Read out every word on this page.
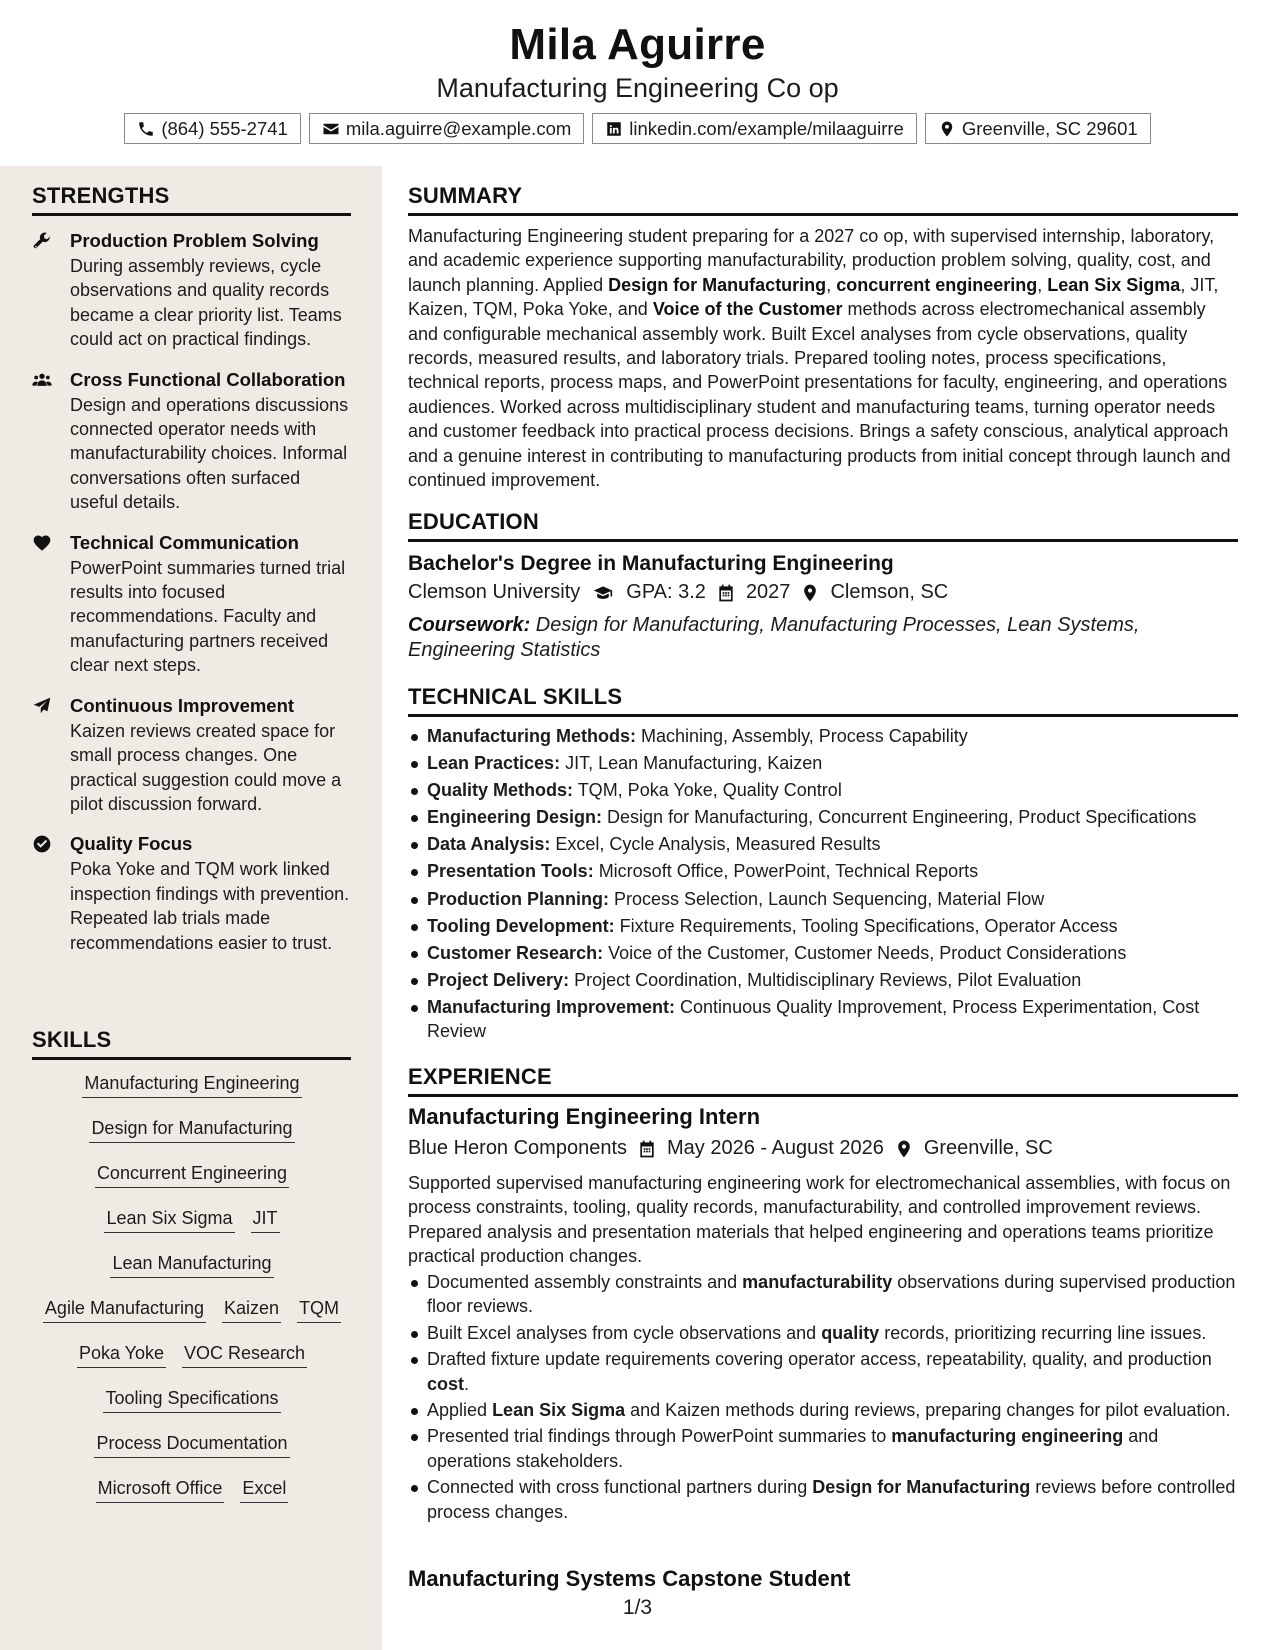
Mila Aguirre
Manufacturing Engineering Co op
(864) 555-2741	mila.aguirre@example.com	linkedin.com/example/milaaguirre	Greenville, SC 29601
STRENGTHS
Production Problem Solving
During assembly reviews, cycle observations and quality records became a clear priority list. Teams could act on practical findings.
Cross Functional Collaboration
Design and operations discussions connected operator needs with manufacturability choices. Informal conversations often surfaced useful details.
Technical Communication
PowerPoint summaries turned trial results into focused recommendations. Faculty and manufacturing partners received clear next steps.
Continuous Improvement
Kaizen reviews created space for small process changes. One practical suggestion could move a pilot discussion forward.
Quality Focus
Poka Yoke and TQM work linked inspection findings with prevention. Repeated lab trials made recommendations easier to trust.
SKILLS
Manufacturing Engineering
Design for Manufacturing
Concurrent Engineering
Lean Six Sigma JIT
Lean Manufacturing
Agile Manufacturing Kaizen TQM
Poka Yoke VOC Research
Tooling Specifications
Process Documentation
Microsoft Office Excel
SUMMARY
Manufacturing Engineering student preparing for a 2027 co op, with supervised internship, laboratory, and academic experience supporting manufacturability, production problem solving, quality, cost, and launch planning. Applied Design for Manufacturing, concurrent engineering, Lean Six Sigma, JIT, Kaizen, TQM, Poka Yoke, and Voice of the Customer methods across electromechanical assembly and configurable mechanical assembly work. Built Excel analyses from cycle observations, quality records, measured results, and laboratory trials. Prepared tooling notes, process specifications, technical reports, process maps, and PowerPoint presentations for faculty, engineering, and operations audiences. Worked across multidisciplinary student and manufacturing teams, turning operator needs and customer feedback into practical process decisions. Brings a safety conscious, analytical approach and a genuine interest in contributing to manufacturing products from initial concept through launch and continued improvement.
EDUCATION
Bachelor's Degree in Manufacturing Engineering
Clemson University GPA: 3.2 2027 Clemson, SC
Coursework: Design for Manufacturing, Manufacturing Processes, Lean Systems, Engineering Statistics
TECHNICAL SKILLS
Manufacturing Methods: Machining, Assembly, Process Capability
Lean Practices: JIT, Lean Manufacturing, Kaizen
Quality Methods: TQM, Poka Yoke, Quality Control
Engineering Design: Design for Manufacturing, Concurrent Engineering, Product Specifications
Data Analysis: Excel, Cycle Analysis, Measured Results
Presentation Tools: Microsoft Office, PowerPoint, Technical Reports
Production Planning: Process Selection, Launch Sequencing, Material Flow
Tooling Development: Fixture Requirements, Tooling Specifications, Operator Access
Customer Research: Voice of the Customer, Customer Needs, Product Considerations
Project Delivery: Project Coordination, Multidisciplinary Reviews, Pilot Evaluation
Manufacturing Improvement: Continuous Quality Improvement, Process Experimentation, Cost Review
EXPERIENCE
Manufacturing Engineering Intern
Blue Heron Components May 2026 - August 2026 Greenville, SC
Supported supervised manufacturing engineering work for electromechanical assemblies, with focus on process constraints, tooling, quality records, manufacturability, and controlled improvement reviews. Prepared analysis and presentation materials that helped engineering and operations teams prioritize practical production changes.
Documented assembly constraints and manufacturability observations during supervised production floor reviews.
Built Excel analyses from cycle observations and quality records, prioritizing recurring line issues.
Drafted fixture update requirements covering operator access, repeatability, quality, and production cost.
Applied Lean Six Sigma and Kaizen methods during reviews, preparing changes for pilot evaluation.
Presented trial findings through PowerPoint summaries to manufacturing engineering and operations stakeholders.
Connected with cross functional partners during Design for Manufacturing reviews before controlled process changes.
Manufacturing Systems Capstone Student
1/3
